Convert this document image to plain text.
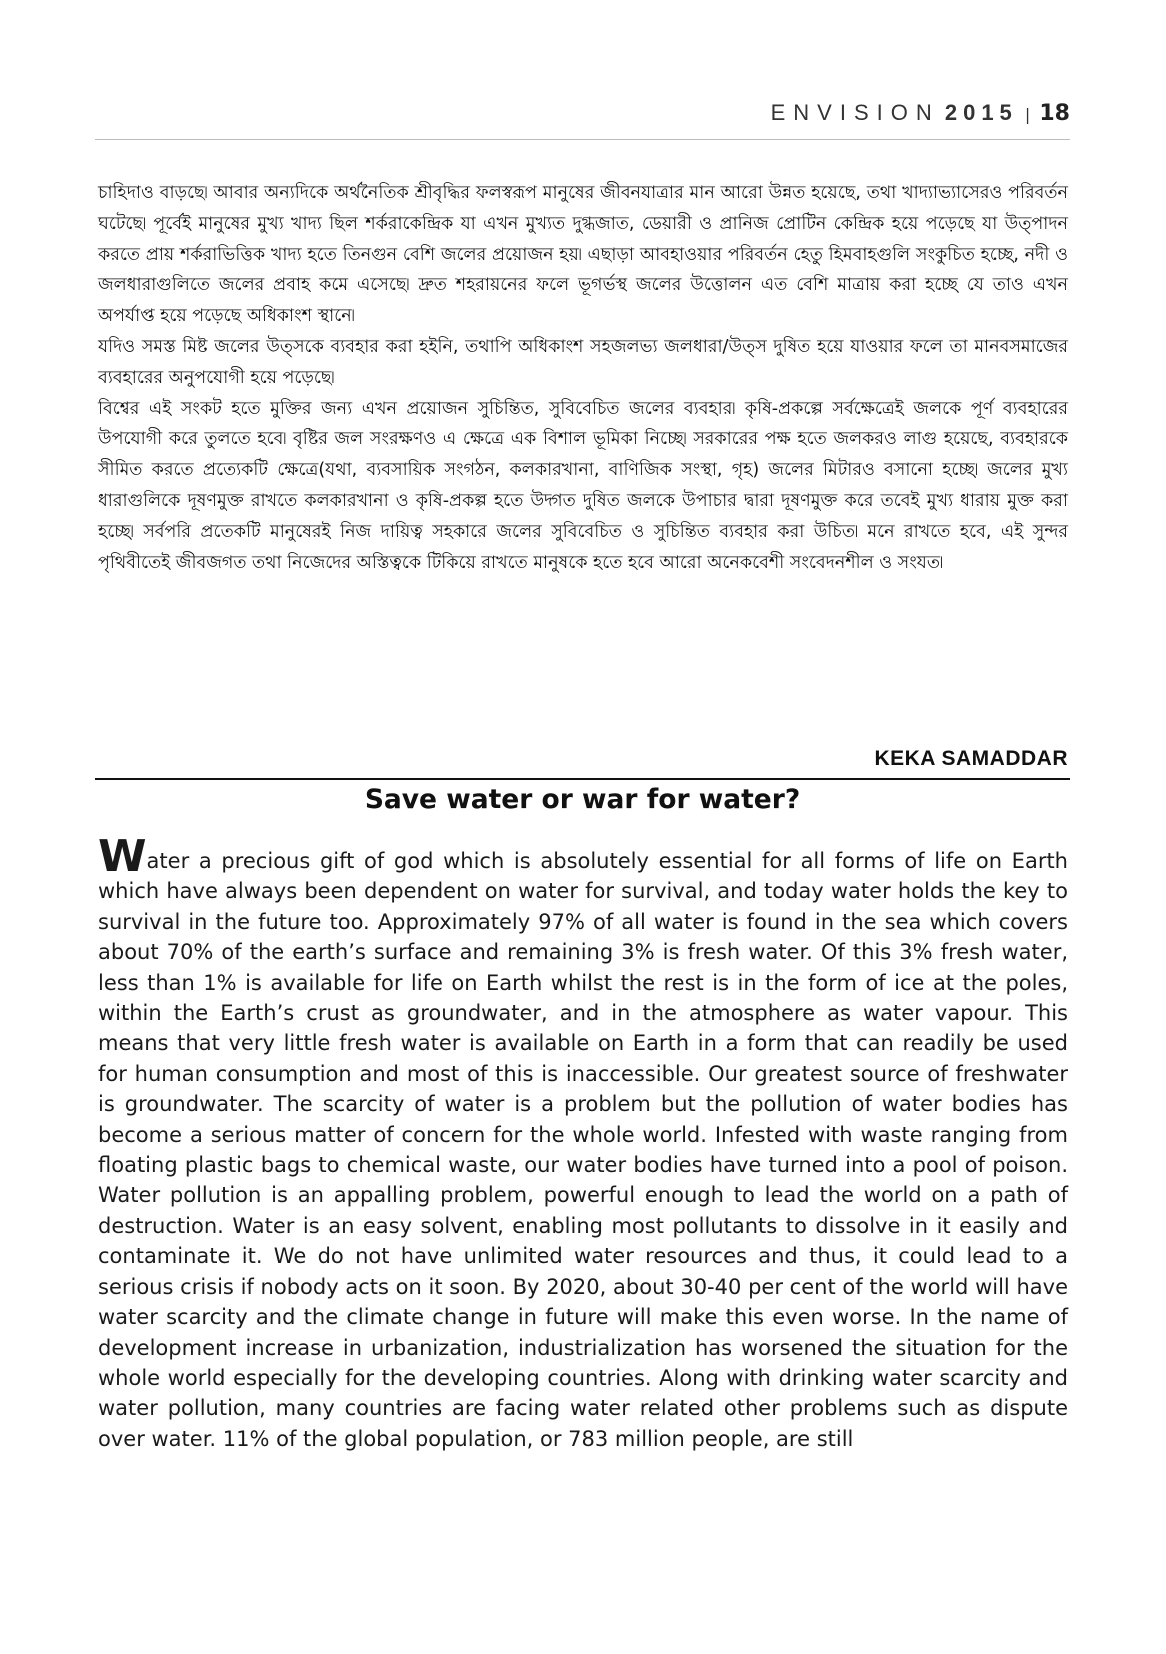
ENVISION 2015 | 18

চাহিদাও বাড়ছে৷ আবার অন্যদিকে অর্থনৈতিক শ্রীবৃদ্ধির ফলস্বরূপ মানুষের জীবনযাত্রার মান আরো উন্নত হয়েছে, তথা খাদ্যাভ্যাসেরও পরিবর্তন ঘটেছে৷ পূর্বেই মানুষের মুখ্য খাদ্য ছিল শর্করাকেন্দ্রিক যা এখন মুখ্যত দুগ্ধজাত, ডেয়ারী ও প্রানিজ প্রোটিন কেন্দ্রিক হয়ে পড়েছে যা উত্পাদন করতে প্রায় শর্করাভিত্তিক খাদ্য হতে তিনগুন বেশি জলের প্রয়োজন হয়৷ এছাড়া আবহাওয়ার পরিবর্তন হেতু হিমবাহগুলি সংকুচিত হচ্ছে, নদী ও জলধারাগুলিতে জলের প্রবাহ কমে এসেছে৷ দ্রুত শহরায়নের ফলে ভূগর্ভস্থ জলের উত্তোলন এত বেশি মাত্রায় করা হচ্ছে যে তাও এখন অপর্যাপ্ত হয়ে পড়েছে অধিকাংশ স্থানে৷

যদিও সমস্ত মিষ্ট জলের উত্সকে ব্যবহার করা হইনি, তথাপি অধিকাংশ সহজলভ্য জলধারা/উত্স দুষিত হয়ে যাওয়ার ফলে তা মানবসমাজের ব্যবহারের অনুপযোগী হয়ে পড়েছে৷

বিশ্বের এই সংকট হতে মুক্তির জন্য এখন প্রয়োজন সুচিন্তিত, সুবিবেচিত জলের ব্যবহার৷ কৃষি-প্রকল্পে সর্বক্ষেত্রেই জলকে পূর্ণ ব্যবহারের উপযোগী করে তুলতে হবে৷ বৃষ্টির জল সংরক্ষণও এ ক্ষেত্রে এক বিশাল ভূমিকা নিচ্ছে৷ সরকারের পক্ষ হতে জলকরও লাগু হয়েছে, ব্যবহারকে সীমিত করতে প্রত্যেকটি ক্ষেত্রে(যথা, ব্যবসায়িক সংগঠন, কলকারখানা, বাণিজিক সংস্থা, গৃহ) জলের মিটারও বসানো হচ্ছে৷ জলের মুখ্য ধারাগুলিকে দূষণমুক্ত রাখতে কলকারখানা ও কৃষি-প্রকল্প হতে উদ্গত দুষিত জলকে উপাচার দ্বারা দূষণমুক্ত করে তবেই মুখ্য ধারায় মুক্ত করা হচ্ছে৷ সর্বপরি প্রতেকটি মানুষেরই নিজ দায়িত্ব সহকারে জলের সুবিবেচিত ও সুচিন্তিত ব্যবহার করা উচিত৷ মনে রাখতে হবে, এই সুন্দর পৃথিবীতেই জীবজগত তথা নিজেদের অস্তিত্বকে টিকিয়ে রাখতে মানুষকে হতে হবে আরো অনেকবেশী সংবেদনশীল ও সংযত৷

KEKA SAMADDAR
Save water or war for water?

Water a precious gift of god which is absolutely essential for all forms of life on Earth which have always been dependent on water for survival, and today water holds the key to survival in the future too. Approximately 97% of all water is found in the sea which covers about 70% of the earth’s surface and remaining 3% is fresh water. Of this 3% fresh water, less than 1% is available for life on Earth whilst the rest is in the form of ice at the poles, within the Earth’s crust as groundwater, and in the atmosphere as water vapour. This means that very little fresh water is available on Earth in a form that can readily be used for human consumption and most of this is inaccessible. Our greatest source of freshwater is groundwater. The scarcity of water is a problem but the pollution of water bodies has become a serious matter of concern for the whole world. Infested with waste ranging from floating plastic bags to chemical waste, our water bodies have turned into a pool of poison. Water pollution is an appalling problem, powerful enough to lead the world on a path of destruction. Water is an easy solvent, enabling most pollutants to dissolve in it easily and contaminate it. We do not have unlimited water resources and thus, it could lead to a serious crisis if nobody acts on it soon. By 2020, about 30-40 per cent of the world will have water scarcity and the climate change in future will make this even worse. In the name of development increase in urbanization, industrialization has worsened the situation for the whole world especially for the developing countries. Along with drinking water scarcity and water pollution, many countries are facing water related other problems such as dispute over water. 11% of the global population, or 783 million people, are still
